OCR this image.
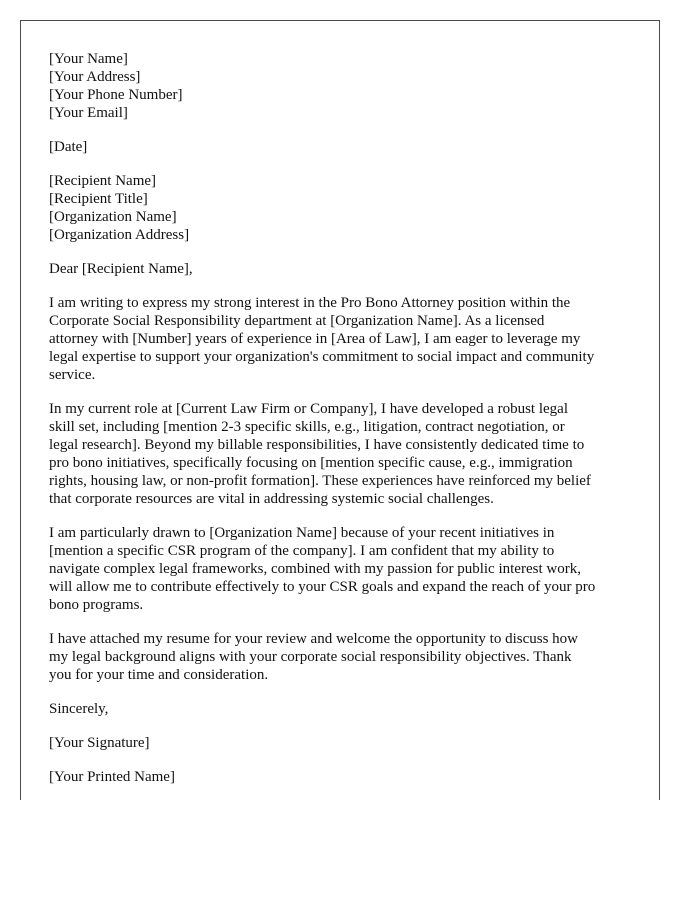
[Your Name]
[Your Address]
[Your Phone Number]
[Your Email]
[Date]
[Recipient Name]
[Recipient Title]
[Organization Name]
[Organization Address]
Dear [Recipient Name],

I am writing to express my strong interest in the Pro Bono Attorney position within the
Corporate Social Responsibility department at [Organization Name]. As a licensed
attorney with [Number] years of experience in [Area of Law], I am eager to leverage my
legal expertise to support your organization's commitment to social impact and community
service.

In my current role at [Current Law Firm or Company], I have developed a robust legal
skill set, including [mention 2-3 specific skills, e.g., litigation, contract negotiation, or
legal research]. Beyond my billable responsibilities, I have consistently dedicated time to
pro bono initiatives, specifically focusing on [mention specific cause, e.g., immigration
rights, housing law, or non-profit formation]. These experiences have reinforced my belief
that corporate resources are vital in addressing systemic social challenges.

I am particularly drawn to [Organization Name] because of your recent initiatives in
[mention a specific CSR program of the company]. I am confident that my ability to
navigate complex legal frameworks, combined with my passion for public interest work,
will allow me to contribute effectively to your CSR goals and expand the reach of your pro
bono programs.

I have attached my resume for your review and welcome the opportunity to discuss how
my legal background aligns with your corporate social responsibility objectives. Thank
you for your time and consideration.

Sincerely,
[Your Signature]
[Your Printed Name]
